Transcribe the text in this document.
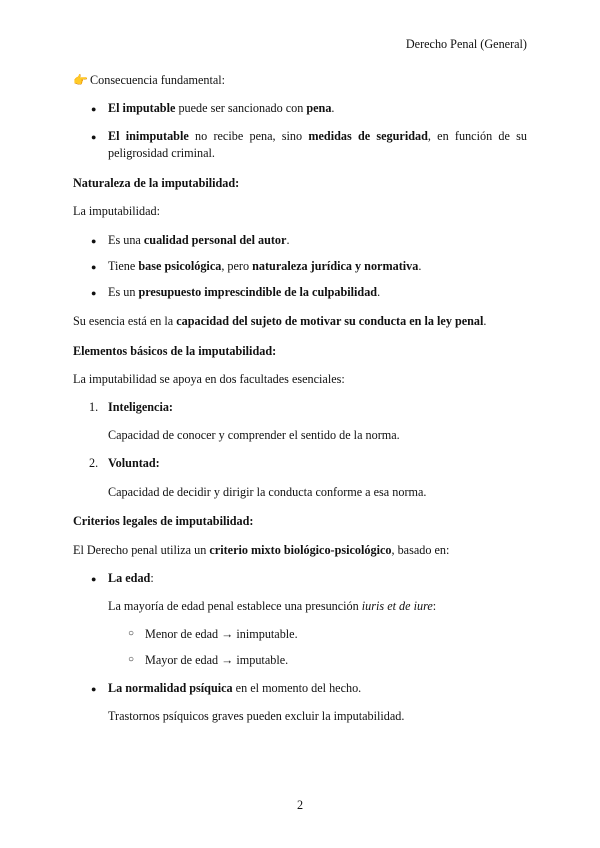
Derecho Penal (General)
👉 Consecuencia fundamental:
● El imputable puede ser sancionado con pena.
● El inimputable no recibe pena, sino medidas de seguridad, en función de su
peligrosidad criminal.
Naturaleza de la imputabilidad:
La imputabilidad:
● Es una cualidad personal del autor.
● Tiene base psicológica, pero naturaleza jurídica y normativa.
● Es un presupuesto imprescindible de la culpabilidad.
Su esencia está en la capacidad del sujeto de motivar su conducta en la ley penal.
Elementos básicos de la imputabilidad:
La imputabilidad se apoya en dos facultades esenciales:
1. Inteligencia:
Capacidad de conocer y comprender el sentido de la norma.
2. Voluntad:
Capacidad de decidir y dirigir la conducta conforme a esa norma.
Criterios legales de imputabilidad:
El Derecho penal utiliza un criterio mixto biológico-psicológico, basado en:
● La edad:
La mayoría de edad penal establece una presunción iuris et de iure:
○ Menor de edad → inimputable.
○ Mayor de edad → imputable.
● La normalidad psíquica en el momento del hecho.
Trastornos psíquicos graves pueden excluir la imputabilidad.
2
